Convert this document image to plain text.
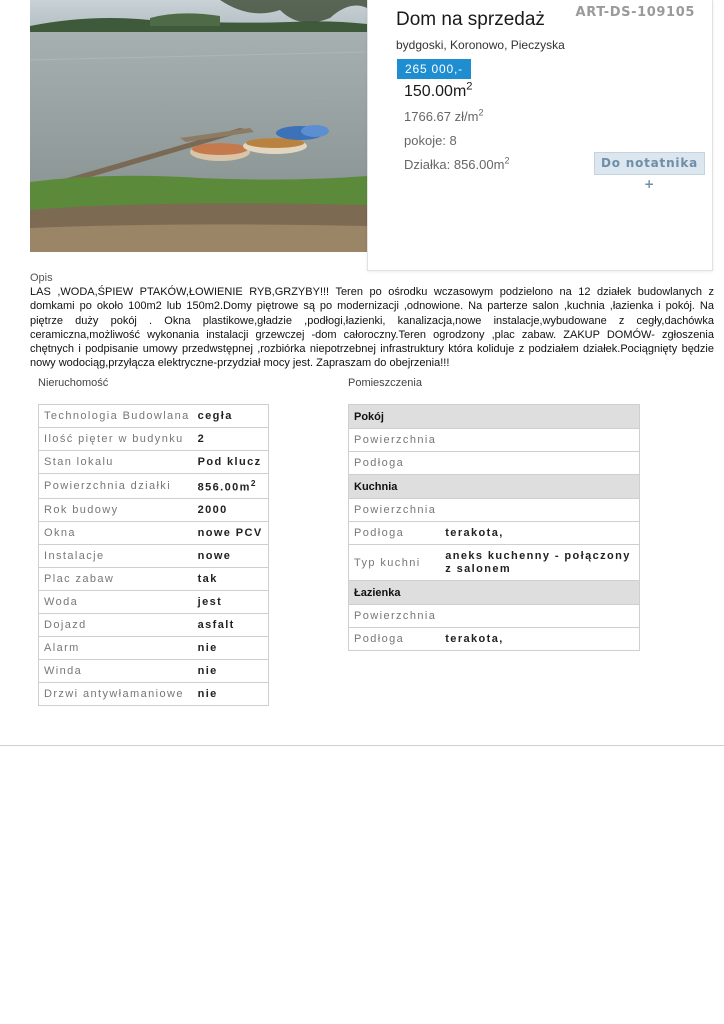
ART-DS-109105
Dom na sprzedaż
bydgoski, Koronowo, Pieczyska
265 000,-
$150.00m^2$
1766.67 $zł/m^2$
pokoje: 8
Działka: $856.00m^2$	Do notatnika +
Opis
LAS ,WODA,ŚPIEW PTAKÓW,ŁOWIENIE RYB,GRZYBY!!! Teren po ośrodku wczasowym podzielono na 12 działek budowlanych z domkami po około 100m2 lub 150m2.Domy piętrowe są po modernizacji ,odnowione. Na parterze salon ,kuchnia ,łazienka i pokój. Na piętrze duży pokój . Okna plastikowe,gładzie ,podłogi,łazienki, kanalizacja,nowe instalacje,wybudowane z cegły,dachówka ceramiczna,możliwość wykonania instalacji grzewczej -dom całoroczny.Teren ogrodzony ,plac zabaw. ZAKUP DOMÓW- zgłoszenia chętnych i podpisanie umowy przedwstępnej ,rozbiórka niepotrzebnej infrastruktury która koliduje z podziałem działek.Pociągnięty będzie nowy wodociąg,przyłącza elektryczne-przydział mocy jest. Zapraszam do obejrzenia!!!
Nieruchomość	Pomieszczenia
Technologia Budowlana	cegła
Ilość pięter w budynku	2
Stan lokalu	Pod klucz
Powierzchnia działki	$856.00m^2$
Rok budowy	2000
Okna	nowe PCV
Instalacje	nowe
Plac zabaw	tak
Woda	jest
Dojazd	asfalt
Alarm	nie
Winda	nie
Drzwi antywłamaniowe	nie
Pokój	
Powierzchnia	
Podłoga	
Kuchnia	
Powierzchnia	
Podłoga	terakota,
Typ kuchni	aneks kuchenny - połączony z salonem
Łazienka	
Powierzchnia	
Podłoga	terakota,
